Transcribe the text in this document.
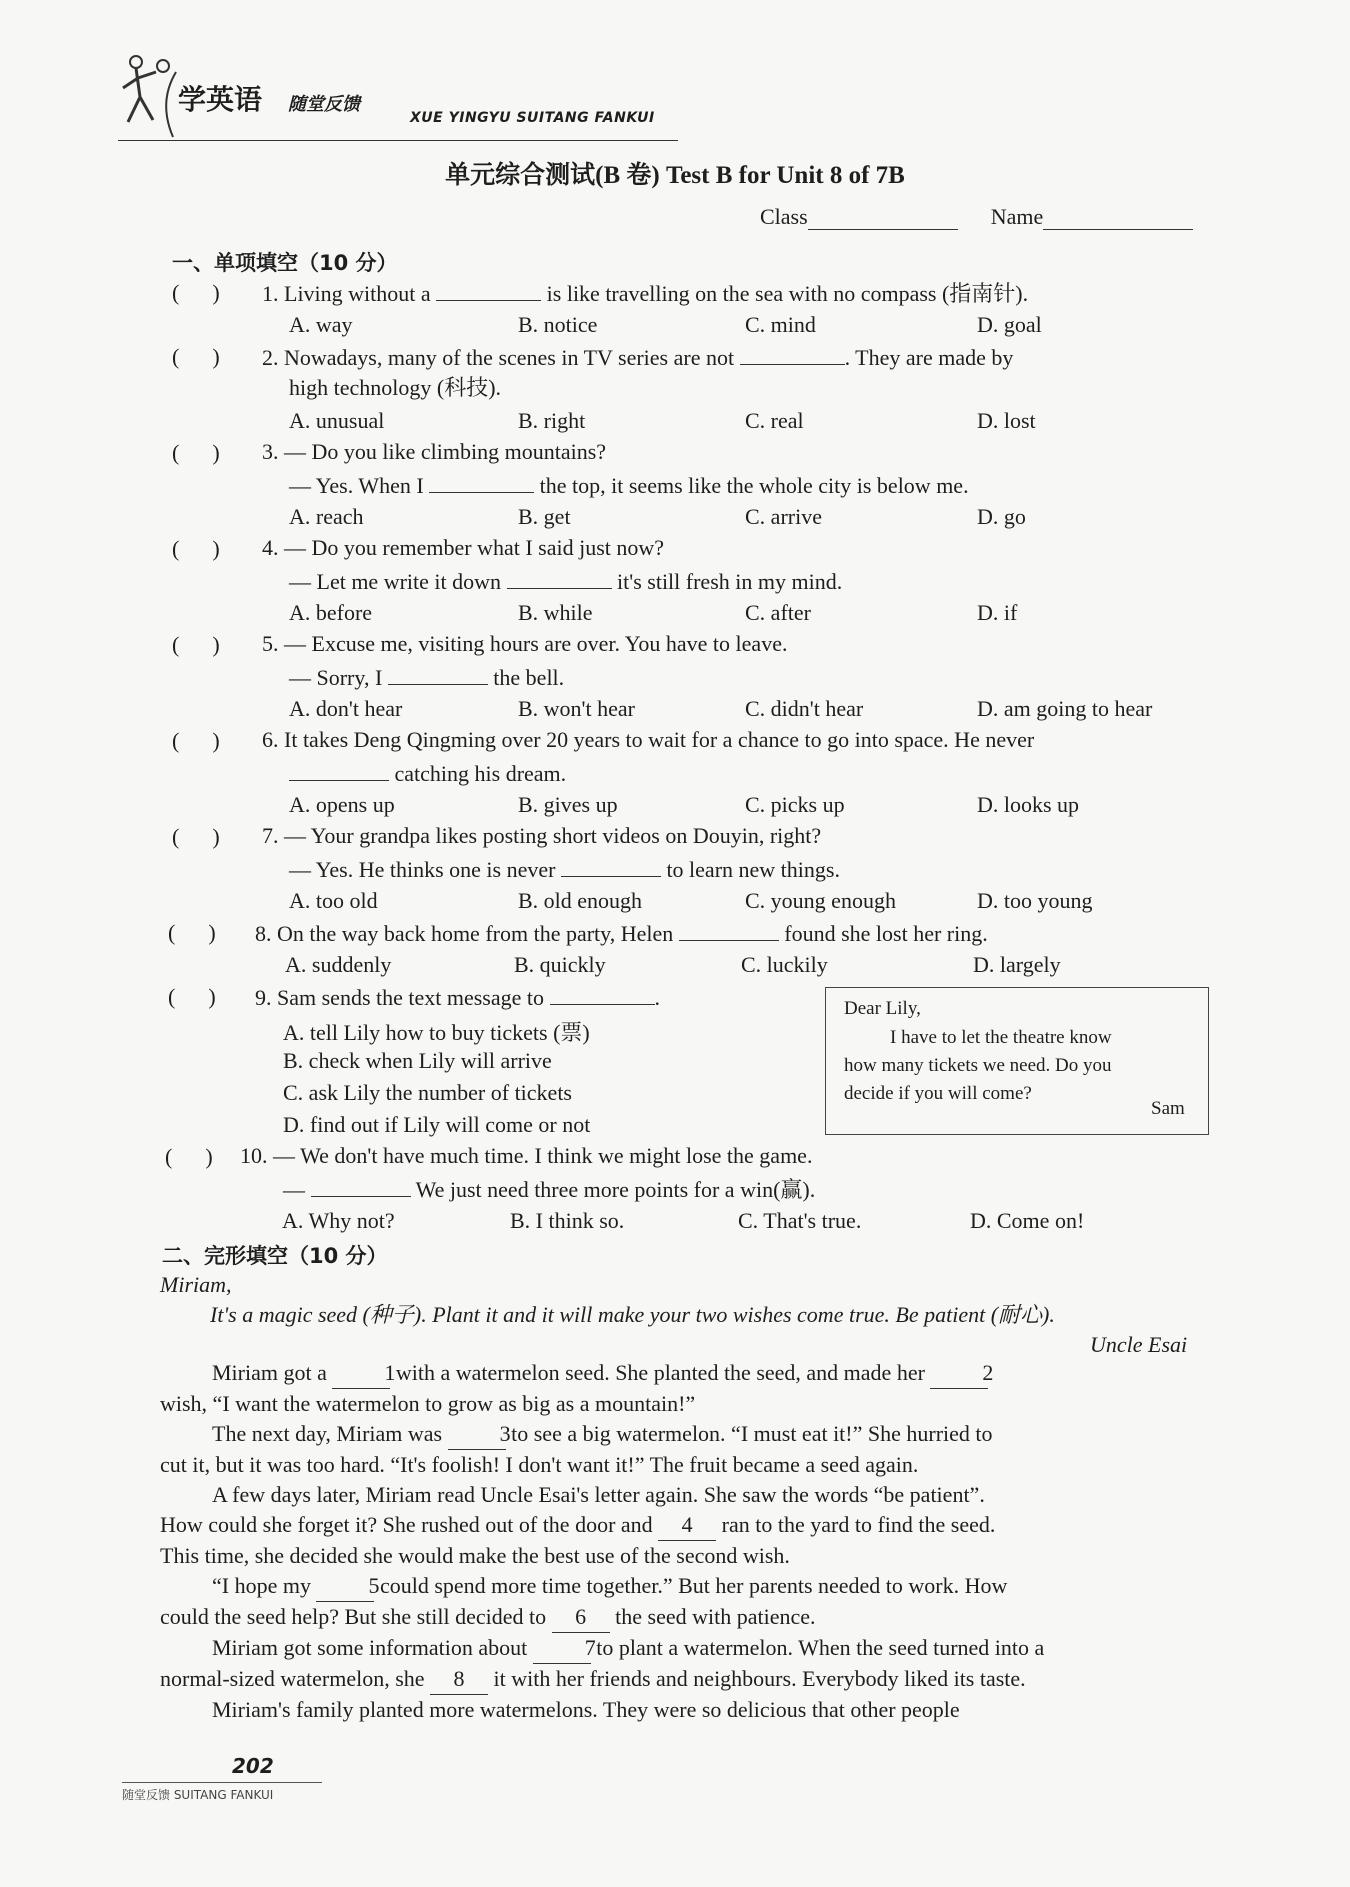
学英语 随堂反馈
XUE YINGYU SUITANG FANKUI
单元综合测试(B 卷) Test B for Unit 8 of 7B
Class	Name
一、单项填空（10 分）
(      ) 1. Living without a	is like travelling on the sea with no compass (指南针).
A. way	B. notice	C. mind	D. goal
(      ) 2. Nowadays, many of the scenes in TV series are not	. They are made by
high technology (科技).
A. unusual	B. right	C. real	D. lost
(      ) 3. — Do you like climbing mountains?
— Yes. When I	the top, it seems like the whole city is below me.
A. reach	B. get	C. arrive	D. go
(      ) 4. — Do you remember what I said just now?
— Let me write it down	it's still fresh in my mind.
A. before	B. while	C. after	D. if
(      ) 5. — Excuse me, visiting hours are over. You have to leave.
— Sorry, I	the bell.
A. don't hear	B. won't hear	C. didn't hear	D. am going to hear
(      ) 6. It takes Deng Qingming over 20 years to wait for a chance to go into space. He never
catching his dream.
A. opens up	B. gives up	C. picks up	D. looks up
(      ) 7. — Your grandpa likes posting short videos on Douyin, right?
— Yes. He thinks one is never	to learn new things.
A. too old	B. old enough	C. young enough	D. too young
(      ) 8. On the way back home from the party, Helen	found she lost her ring.
A. suddenly	B. quickly	C. luckily	D. largely
(      ) 9. Sam sends the text message to	.
A. tell Lily how to buy tickets (票)
B. check when Lily will arrive
C. ask Lily the number of tickets
D. find out if Lily will come or not
Dear Lily,
I have to let the theatre know
how many tickets we need. Do you
decide if you will come?
Sam
(      ) 10. — We don't have much time. I think we might lose the game.
—	We just need three more points for a win(赢).
A. Why not?	B. I think so.	C. That's true.	D. Come on!
二、完形填空（10 分）
Miriam,
It's a magic seed (种子). Plant it and it will make your two wishes come true. Be patient (耐心).
Uncle Esai
Miriam got a	1 with a watermelon seed. She planted the seed, and made her	2
wish, “I want the watermelon to grow as big as a mountain!”
The next day, Miriam was	3 to see a big watermelon. “I must eat it!” She hurried to
cut it, but it was too hard. “It's foolish! I don't want it!” The fruit became a seed again.
A few days later, Miriam read Uncle Esai's letter again. She saw the words “be patient”.
How could she forget it? She rushed out of the door and 4 ran to the yard to find the seed.
This time, she decided she would make the best use of the second wish.
“I hope my	5 could spend more time together.” But her parents needed to work. How
could the seed help? But she still decided to 6 the seed with patience.
Miriam got some information about	7 to plant a watermelon. When the seed turned into a
normal-sized watermelon, she 8 it with her friends and neighbours. Everybody liked its taste.
Miriam's family planted more watermelons. They were so delicious that other people
202
随堂反馈 SUITANG FANKUI
